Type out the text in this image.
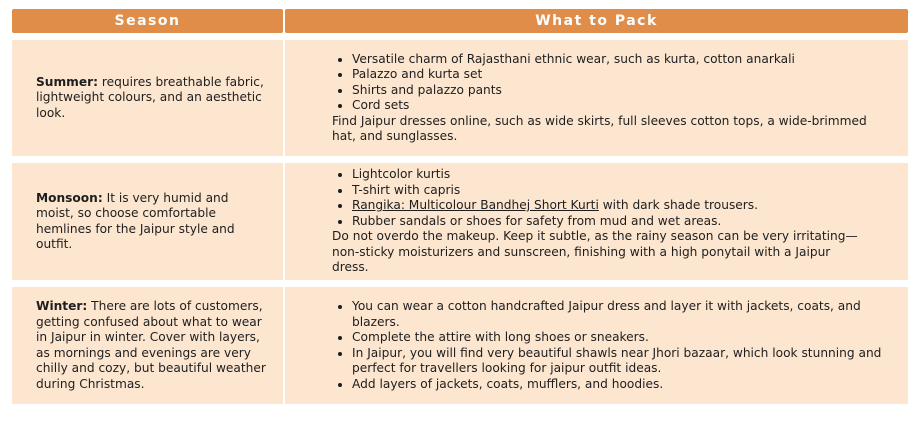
Season	What to Pack

Summer: requires breathable fabric, lightweight colours, and an aesthetic look.

• Versatile charm of Rajasthani ethnic wear, such as kurta, cotton anarkali
• Palazzo and kurta set
• Shirts and palazzo pants
• Cord sets

Find Jaipur dresses online, such as wide skirts, full sleeves cotton tops, a wide-brimmed hat, and sunglasses.

Monsoon: It is very humid and moist, so choose comfortable hemlines for the Jaipur style and outfit.

• Lightcolor kurtis
• T-shirt with capris
• Rangika: Multicolour Bandhej Short Kurti with dark shade trousers.
• Rubber sandals or shoes for safety from mud and wet areas.

Do not overdo the makeup. Keep it subtle, as the rainy season can be very irritating—non-sticky moisturizers and sunscreen, finishing with a high ponytail with a Jaipur dress.

Winter: There are lots of customers, getting confused about what to wear in Jaipur in winter. Cover with layers, as mornings and evenings are very chilly and cozy, but beautiful weather during Christmas.

• You can wear a cotton handcrafted Jaipur dress and layer it with jackets, coats, and blazers.
• Complete the attire with long shoes or sneakers.
• In Jaipur, you will find very beautiful shawls near Jhori bazaar, which look stunning and perfect for travellers looking for jaipur outfit ideas.
• Add layers of jackets, coats, mufflers, and hoodies.
